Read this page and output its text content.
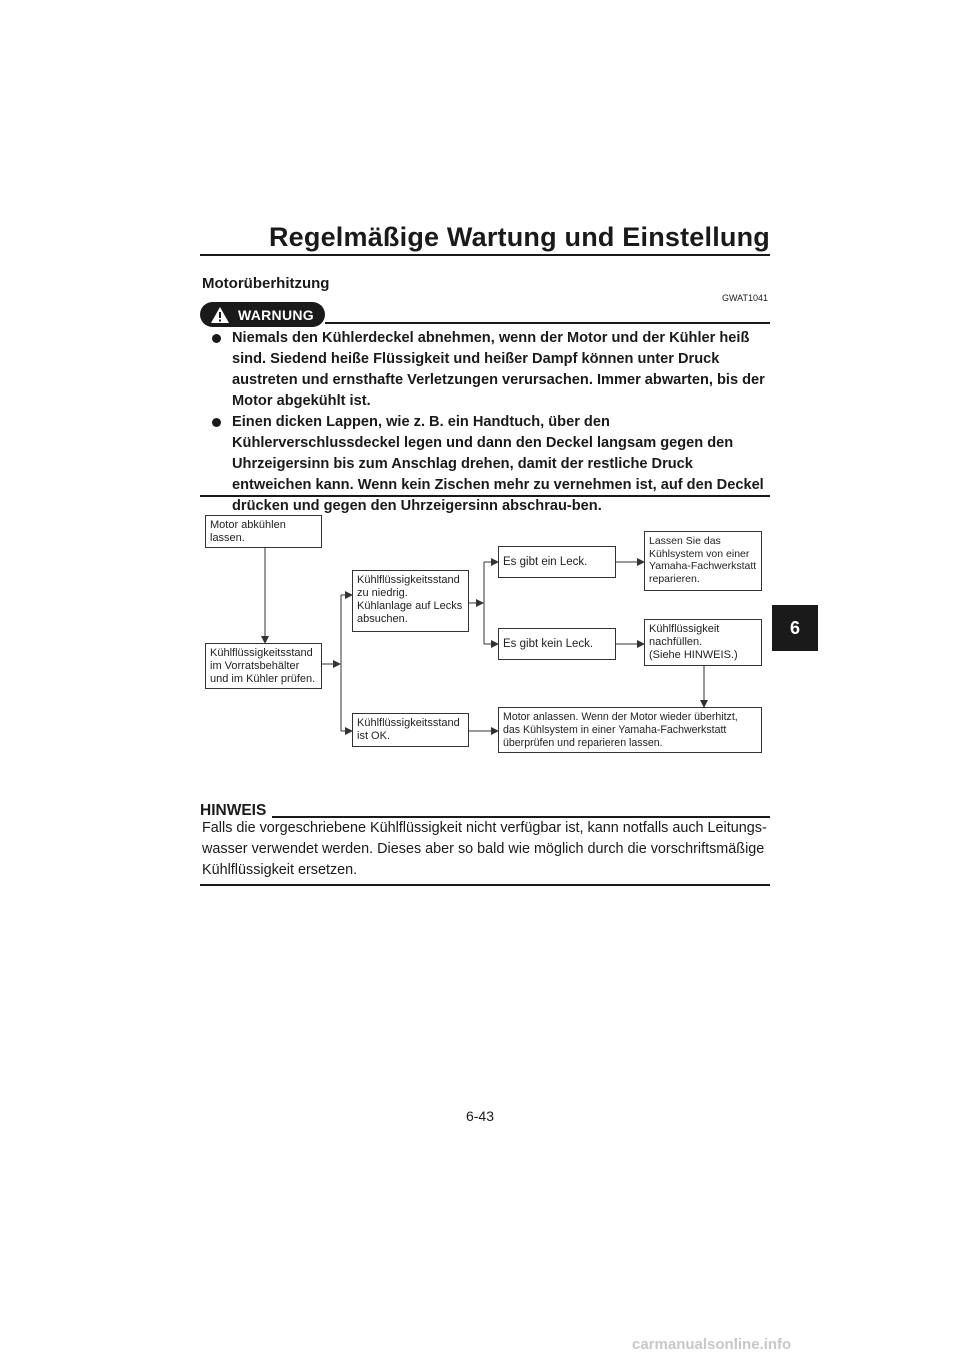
Regelmäßige Wartung und Einstellung
Motorüberhitzung
GWAT1041
WARNUNG
Niemals den Kühlerdeckel abnehmen, wenn der Motor und der Kühler heiß sind. Siedend heiße Flüssigkeit und heißer Dampf können unter Druck austreten und ernsthafte Verletzungen verursachen. Immer abwarten, bis der Motor abgekühlt ist.
Einen dicken Lappen, wie z. B. ein Handtuch, über den Kühlerverschlussdeckel legen und dann den Deckel langsam gegen den Uhrzeigersinn bis zum Anschlag drehen, damit der restliche Druck entweichen kann. Wenn kein Zischen mehr zu vernehmen ist, auf den Deckel drücken und gegen den Uhrzeigersinn abschrau-ben.
Motor abkühlen
lassen.
Kühlflüssigkeitsstand
im Vorratsbehälter
und im Kühler prüfen.
Kühlflüssigkeitsstand
zu niedrig.
Kühlanlage auf Lecks
absuchen.
Kühlflüssigkeitsstand
ist OK.
Es gibt ein Leck.
Es gibt kein Leck.
Lassen Sie das
Kühlsystem von einer
Yamaha-Fachwerkstatt
reparieren.
Kühlflüssigkeit
nachfüllen.
(Siehe HINWEIS.)
Motor anlassen. Wenn der Motor wieder überhitzt,
das Kühlsystem in einer Yamaha-Fachwerkstatt
überprüfen und reparieren lassen.
HINWEIS
Falls die vorgeschriebene Kühlflüssigkeit nicht verfügbar ist, kann notfalls auch Leitungs-wasser verwendet werden. Dieses aber so bald wie möglich durch die vorschriftsmäßige Kühlflüssigkeit ersetzen.
6
6-43
carmanualsonline.info
